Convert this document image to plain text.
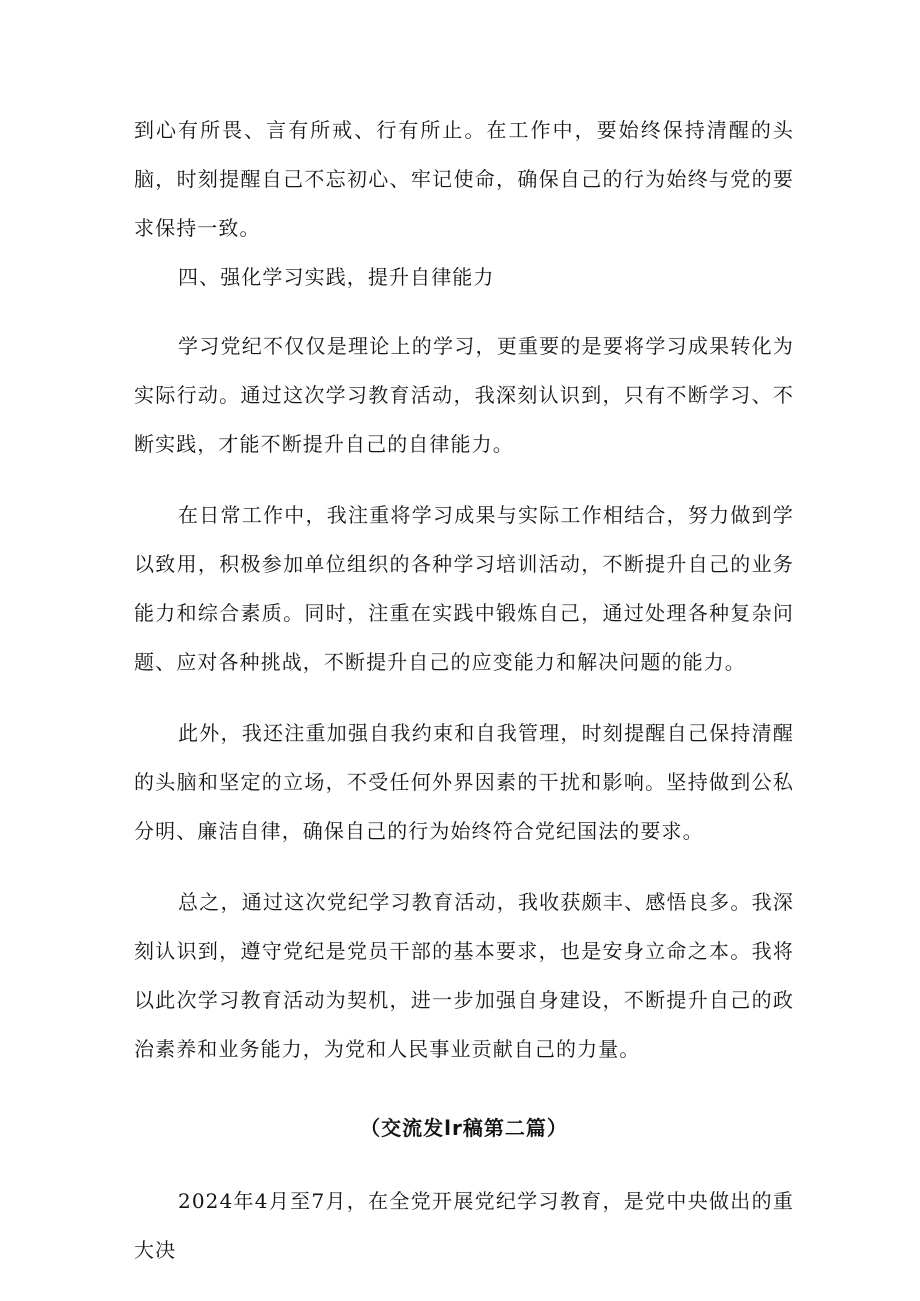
到心有所畏、言有所戒、行有所止。在工作中，要始终保持清醒的头脑，时刻提醒自己不忘初心、牢记使命，确保自己的行为始终与党的要求保持一致。

四、强化学习实践，提升自律能力

学习党纪不仅仅是理论上的学习，更重要的是要将学习成果转化为实际行动。通过这次学习教育活动，我深刻认识到，只有不断学习、不断实践，才能不断提升自己的自律能力。

在日常工作中，我注重将学习成果与实际工作相结合，努力做到学以致用，积极参加单位组织的各种学习培训活动，不断提升自己的业务能力和综合素质。同时，注重在实践中锻炼自己，通过处理各种复杂问题、应对各种挑战，不断提升自己的应变能力和解决问题的能力。

此外，我还注重加强自我约束和自我管理，时刻提醒自己保持清醒的头脑和坚定的立场，不受任何外界因素的干扰和影响。坚持做到公私分明、廉洁自律，确保自己的行为始终符合党纪国法的要求。

总之，通过这次党纪学习教育活动，我收获颇丰、感悟良多。我深刻认识到，遵守党纪是党员干部的基本要求，也是安身立命之本。我将以此次学习教育活动为契机，进一步加强自身建设，不断提升自己的政治素养和业务能力，为党和人民事业贡献自己的力量。

（交流发lr稿第二篇）

2024年4月至7月，在全党开展党纪学习教育，是党中央做出的重大决
